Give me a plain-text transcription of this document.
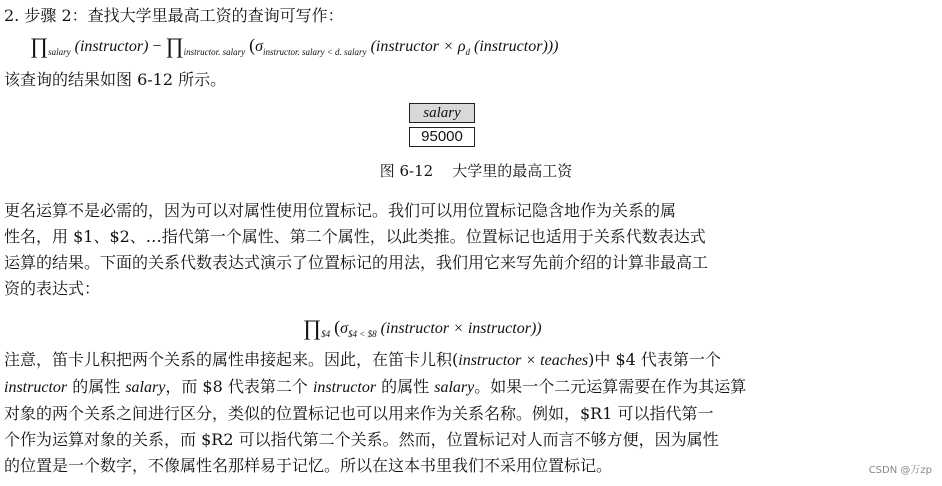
2. 步骤 2：查找大学里最高工资的查询可写作：
$\prod_{salary}$ (instructor) − $\prod_{instructor. salary}$ ($\sigma_{instructor. salary < d. salary}$ (instructor × $\rho_d$ (instructor)))
该查询的结果如图 6-12 所示。
salary
95000
图 6-12    大学里的最高工资

更名运算不是必需的，因为可以对属性使用位置标记。我们可以用位置标记隐含地作为关系的属

性名，用 $1、$2、…指代第一个属性、第二个属性，以此类推。位置标记也适用于关系代数表达式

运算的结果。下面的关系代数表达式演示了位置标记的用法，我们用它来写先前介绍的计算非最高工

资的表达式：

$\prod_{\$4}$ ($\sigma_{\$4 < \$8}$ (instructor × instructor))

注意，笛卡儿积把两个关系的属性串接起来。因此，在笛卡儿积(instructor × teaches)中 $4 代表第一个

instructor 的属性 salary，而 $8 代表第二个 instructor 的属性 salary。如果一个二元运算需要在作为其运算

对象的两个关系之间进行区分，类似的位置标记也可以用来作为关系名称。例如，$R1 可以指代第一

个作为运算对象的关系，而 $R2 可以指代第二个关系。然而，位置标记对人而言不够方便，因为属性

的位置是一个数字，不像属性名那样易于记忆。所以在这本书里我们不采用位置标记。	CSDN @万zp
